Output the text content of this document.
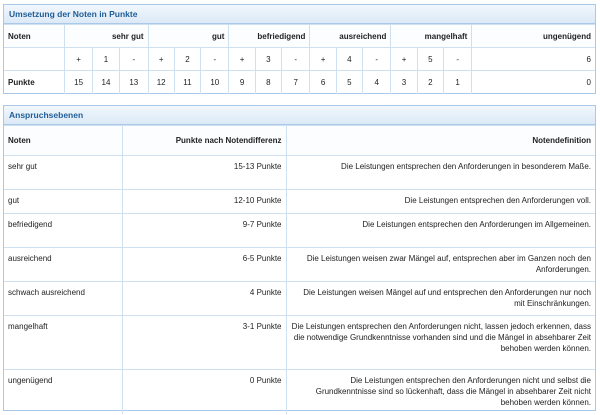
Umsetzung der Noten in Punkte
Noten	sehr gut			gut			befriedigend			ausreichend			mangelhaft			ungenügend
	+	1	-	+	2	-	+	3	-	+	4	-	+	5	-	6
Punkte	15	14	13	12	11	10	9	8	7	6	5	4	3	2	1	0
Anspruchsebenen
Noten	Punkte nach Notendifferenz	Notendefinition
sehr gut	15-13 Punkte	Die Leistungen entsprechen den Anforderungen in besonderem Maße.
gut	12-10 Punkte	Die Leistungen entsprechen den Anforderungen voll.
befriedigend	9-7 Punkte	Die Leistungen entsprechen den Anforderungen im Allgemeinen.
ausreichend	6-5 Punkte	Die Leistungen weisen zwar Mängel auf, entsprechen aber im Ganzen noch den Anforderungen.
schwach ausreichend	4 Punkte	Die Leistungen weisen Mängel auf und entsprechen den Anforderungen nur noch mit Einschränkungen.
mangelhaft	3-1 Punkte	Die Leistungen entsprechen den Anforderungen nicht, lassen jedoch erkennen, dass die notwendige Grundkenntnisse vorhanden sind und die Mängel in absehbarer Zeit behoben werden können.
ungenügend	0 Punkte	Die Leistungen entsprechen den Anforderungen nicht und selbst die Grundkenntnisse sind so lückenhaft, dass die Mängel in absehbarer Zeit nicht behoben werden können.
